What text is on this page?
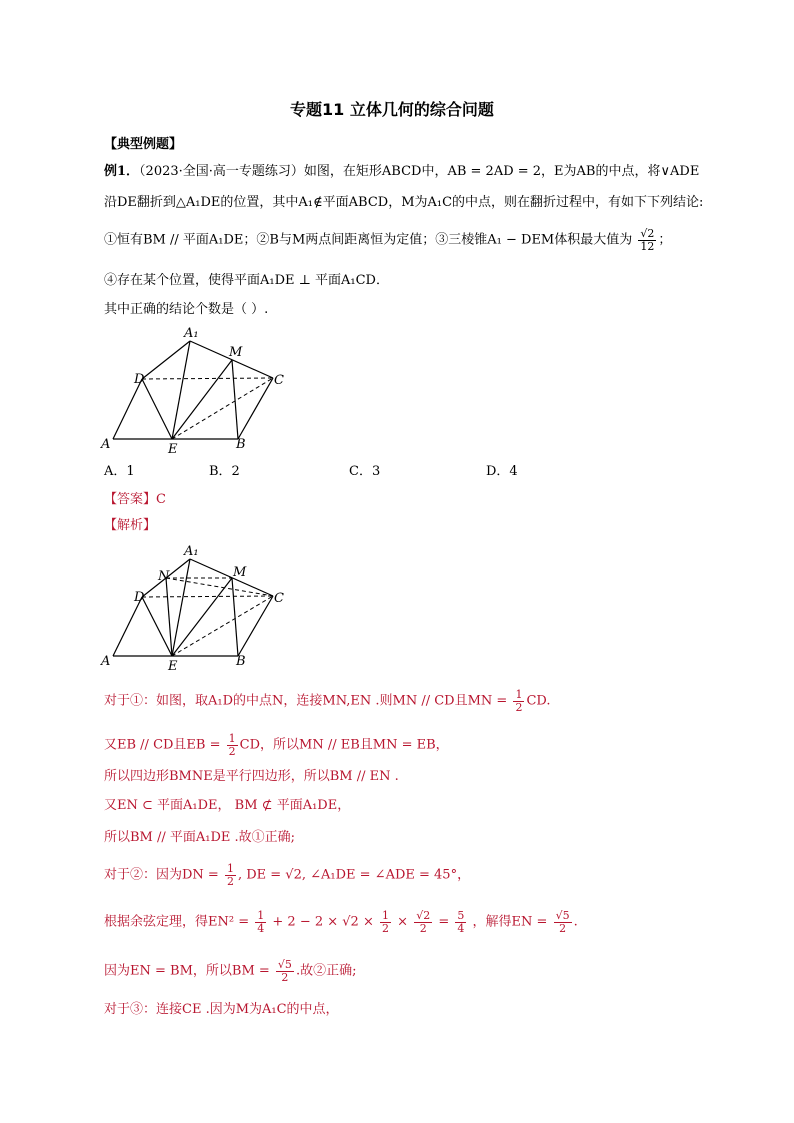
专题11 立体几何的综合问题
【典型例题】
例1．（2023·全国·高一专题练习）如图，在矩形ABCD中，AB = 2AD = 2，E为AB的中点，将∨ADE
沿DE翻折到△A₁DE的位置，其中A₁∉平面ABCD，M为A₁C的中点，则在翻折过程中，有如下下列结论:
①恒有BM // 平面A₁DE；②B与M两点间距离恒为定值；③三棱锥A₁ − DEM体积最大值为 $\frac{√2}{12}$ ；
④存在某个位置，使得平面A₁DE ⊥ 平面A₁CD．
其中正确的结论个数是（ ）.
A₁
M
D	C
A	E	B
A．1	B．2	C．3	D．4
【答案】C
【解析】
A₁
N	M
D	C
A	E	B
对于①：如图，取A₁D的中点N，连接MN,EN .则MN // CD且MN = $\frac{1}{2}$ CD.
又EB // CD且EB = $\frac{1}{2}$ CD，所以MN // EB且MN = EB，
所以四边形BMNE是平行四边形，所以BM // EN .
又EN ⊂ 平面A₁DE， BM ⊄ 平面A₁DE，
所以BM // 平面A₁DE .故①正确;
对于②：因为DN = $\frac{1}{2}$ , DE = √2, ∠A₁DE = ∠ADE = 45°，
根据余弦定理，得$EN^2 = \frac{1}{4} + 2 - 2 \times √2 \times \frac{1}{2} \times \frac{√2}{2} = \frac{5}{4}$ ，解得EN = $\frac{√5}{2}$ .
因为EN = BM，所以BM = $\frac{√5}{2}$ .故②正确;
对于③：连接CE .因为M为A₁C的中点，
